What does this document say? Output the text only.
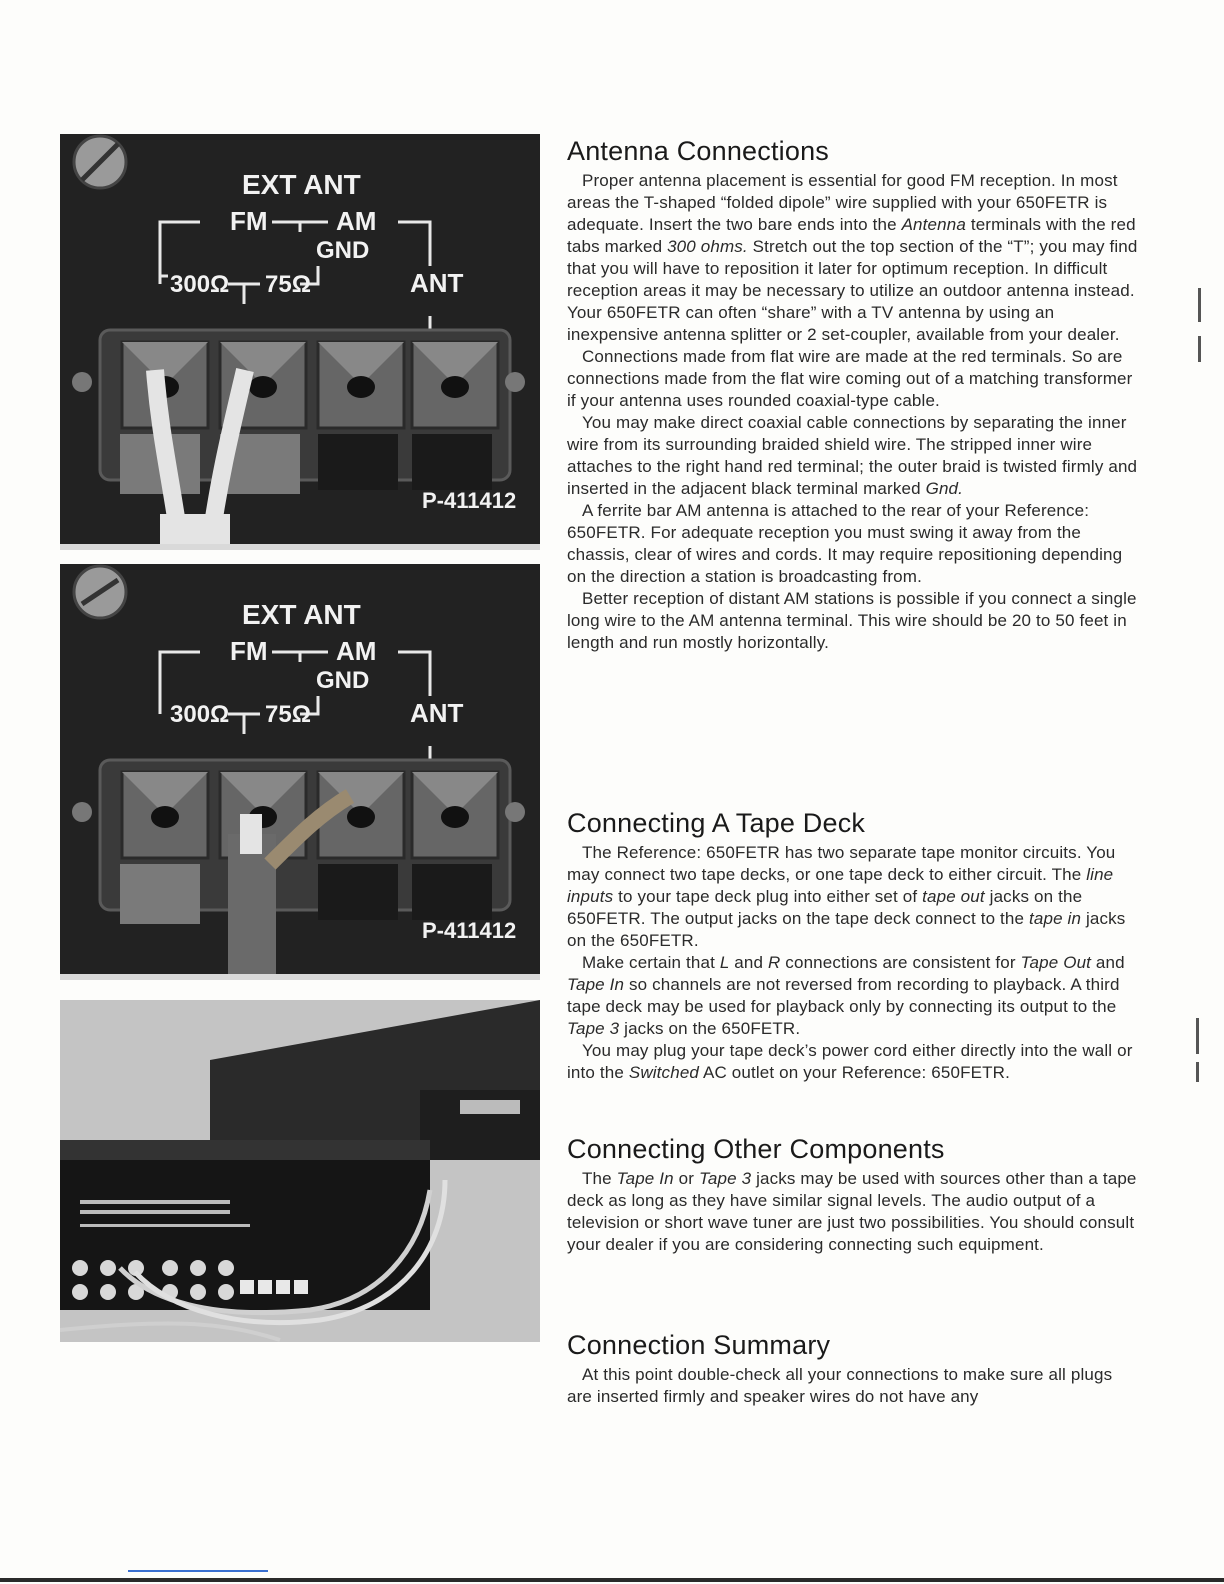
EXT ANT
FM	AM
GND
300Ω 75Ω	ANT
P-411412
EXT ANT
FM	AM
GND
300Ω 75Ω	ANT
P-411412
Antenna Connections

Proper antenna placement is essential for good FM reception. In most areas the T-shaped “folded dipole” wire supplied with your 650FETR is adequate. Insert the two bare ends into the Antenna terminals with the red tabs marked 300 ohms. Stretch out the top section of the “T”; you may find that you will have to reposition it later for optimum reception. In difficult reception areas it may be necessary to utilize an outdoor antenna instead. Your 650FETR can often “share” with a TV antenna by using an inexpensive antenna splitter or 2 set-coupler, available from your dealer.

Connections made from flat wire are made at the red terminals. So are connections made from the flat wire coming out of a matching transformer if your antenna uses rounded coaxial-type cable.

You may make direct coaxial cable connections by separating the inner wire from its surrounding braided shield wire. The stripped inner wire attaches to the right hand red terminal; the outer braid is twisted firmly and inserted in the adjacent black terminal marked Gnd.

A ferrite bar AM antenna is attached to the rear of your Reference: 650FETR. For adequate reception you must swing it away from the chassis, clear of wires and cords. It may require repositioning depending on the direction a station is broadcasting from.

Better reception of distant AM stations is possible if you connect a single long wire to the AM antenna terminal. This wire should be 20 to 50 feet in length and run mostly horizontally.

Connecting A Tape Deck

The Reference: 650FETR has two separate tape monitor circuits. You may connect two tape decks, or one tape deck to either circuit. The line inputs to your tape deck plug into either set of tape out jacks on the 650FETR. The output jacks on the tape deck connect to the tape in jacks on the 650FETR.

Make certain that L and R connections are consistent for Tape Out and Tape In so channels are not reversed from recording to playback. A third tape deck may be used for playback only by connecting its output to the Tape 3 jacks on the 650FETR.

You may plug your tape deck’s power cord either directly into the wall or into the Switched AC outlet on your Reference: 650FETR.

Connecting Other Components

The Tape In or Tape 3 jacks may be used with sources other than a tape deck as long as they have similar signal levels. The audio output of a television or short wave tuner are just two possibilities. You should consult your dealer if you are considering connecting such equipment.

Connection Summary

At this point double-check all your connections to make sure all plugs are inserted firmly and speaker wires do not have any
